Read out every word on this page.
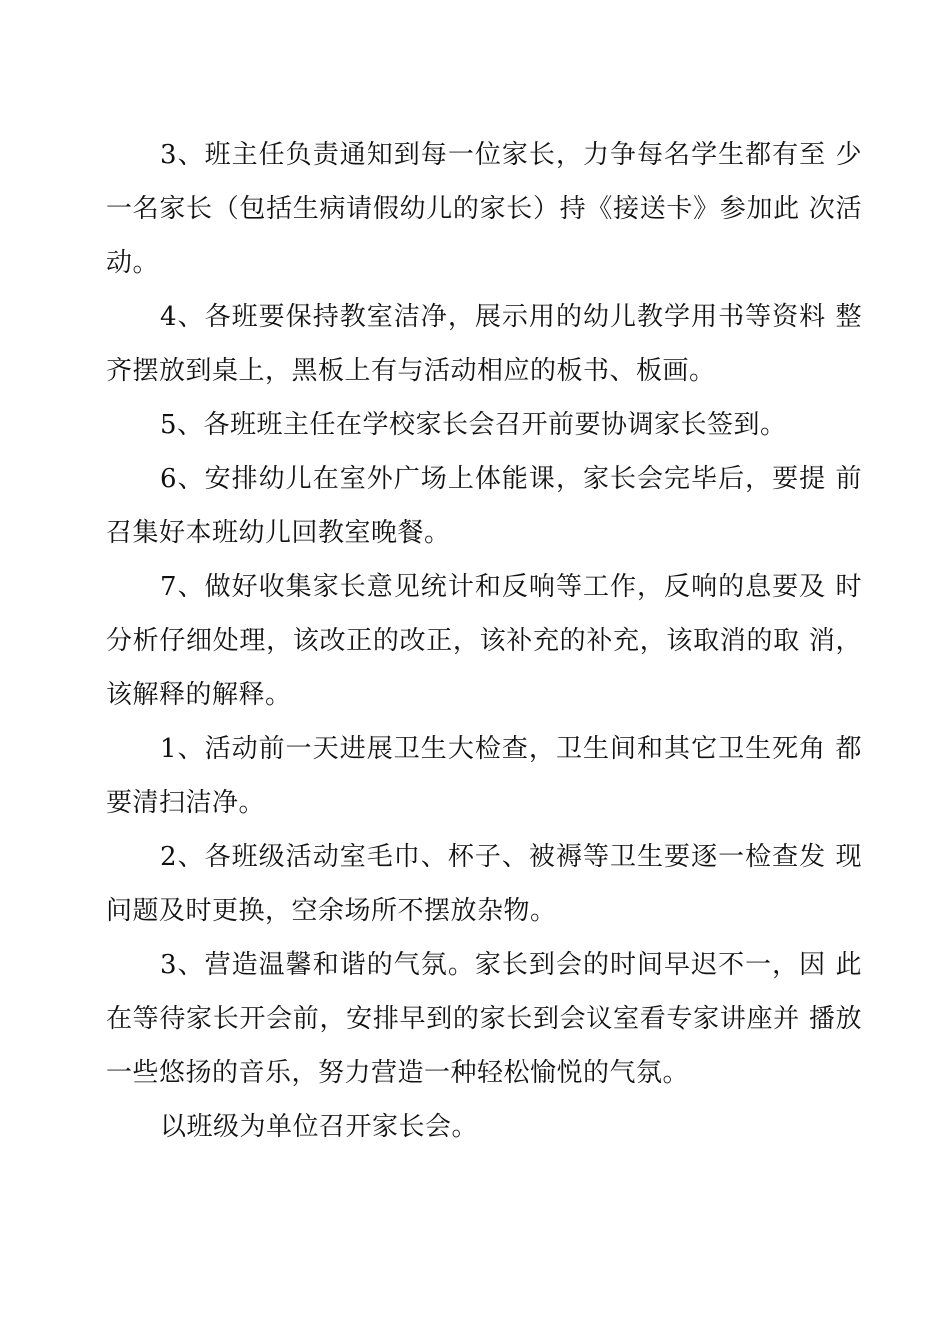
3、班主任负责通知到每一位家长，力争每名学生都有至 少一名家长（包括生病请假幼儿的家长）持《接送卡》参加此 次活动。

4、各班要保持教室洁净，展示用的幼儿教学用书等资料 整齐摆放到桌上，黑板上有与活动相应的板书、板画。

5、各班班主任在学校家长会召开前要协调家长签到。

6、安排幼儿在室外广场上体能课，家长会完毕后，要提 前召集好本班幼儿回教室晚餐。

7、做好收集家长意见统计和反响等工作，反响的息要及 时分析仔细处理，该改正的改正，该补充的补充，该取消的取 消，该解释的解释。

1、活动前一天进展卫生大检查，卫生间和其它卫生死角 都要清扫洁净。

2、各班级活动室毛巾、杯子、被褥等卫生要逐一检查发 现问题及时更换，空余场所不摆放杂物。

3、营造温馨和谐的气氛。家长到会的时间早迟不一，因 此在等待家长开会前，安排早到的家长到会议室看专家讲座并 播放一些悠扬的音乐，努力营造一种轻松愉悦的气氛。

以班级为单位召开家长会。
